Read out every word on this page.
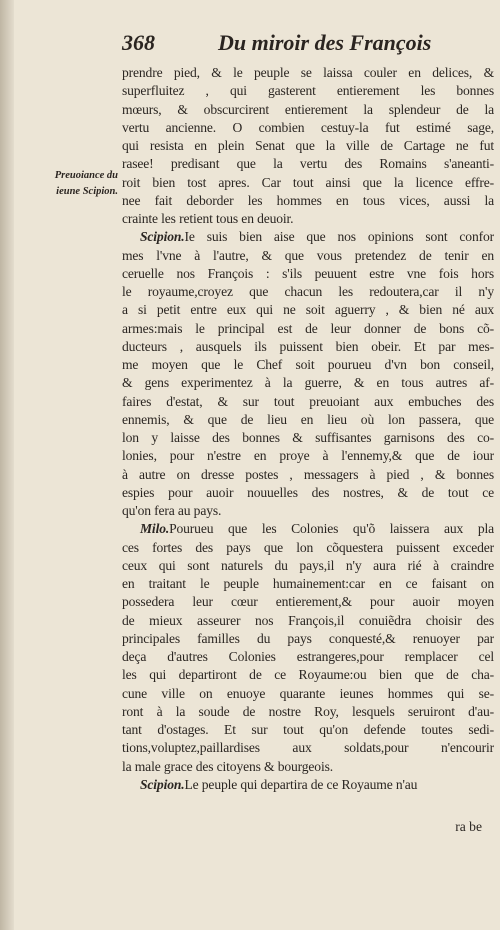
368	Du miroir des François
Preuoiance du
ieune Scipion.
prendre pied, & le peuple se laissa couler en delices, &
superfluitez , qui gasterent entierement les bonnes
mœurs, & obscurcirent entierement la splendeur de la
vertu ancienne. O combien cestuy-la fut estimé sage,
qui resista en plein Senat que la ville de Cartage ne fut
rasee! predisant que la vertu des Romains s'aneanti-
roit bien tost apres. Car tout ainsi que la licence effre-
nee fait deborder les hommes en tous vices, aussi la
crainte les retient tous en deuoir.
Scipion.Ie suis bien aise que nos opinions sont confor
mes l'vne à l'autre, & que vous pretendez de tenir en
ceruelle nos François : s'ils peuuent estre vne fois hors
le royaume,croyez que chacun les redoutera,car il n'y
a si petit entre eux qui ne soit aguerry , & bien né aux
armes:mais le principal est de leur donner de bons cõ-
ducteurs , ausquels ils puissent bien obeir. Et par mes-
me moyen que le Chef soit pourueu d'vn bon conseil,
& gens experimentez à la guerre, & en tous autres af-
faires d'estat, & sur tout preuoiant aux embuches des
ennemis, & que de lieu en lieu où lon passera, que
lon y laisse des bonnes & suffisantes garnisons des co-
lonies, pour n'estre en proye à l'ennemy,& que de iour
à autre on dresse postes , messagers à pied , & bonnes
espies pour auoir nouuelles des nostres, & de tout ce
qu'on fera au pays.
Milo.Pourueu que les Colonies qu'õ laissera aux pla
ces fortes des pays que lon cõquestera puissent exceder
ceux qui sont naturels du pays,il n'y aura rié à craindre
en traitant le peuple humainement:car en ce faisant on
possedera leur cœur entierement,& pour auoir moyen
de mieux asseurer nos François,il conuiẽdra choisir des
principales familles du pays conquesté,& renuoyer par
deça d'autres Colonies estrangeres,pour remplacer cel
les qui departiront de ce Royaume:ou bien que de cha-
cune ville on enuoye quarante ieunes hommes qui se-
ront à la soude de nostre Roy, lesquels seruiront d'au-
tant d'ostages. Et sur tout qu'on defende toutes sedi-
tions,voluptez,paillardises aux soldats,pour n'encourir
la male grace des citoyens & bourgeois.
Scipion.Le peuple qui departira de ce Royaume n'au
ra be
